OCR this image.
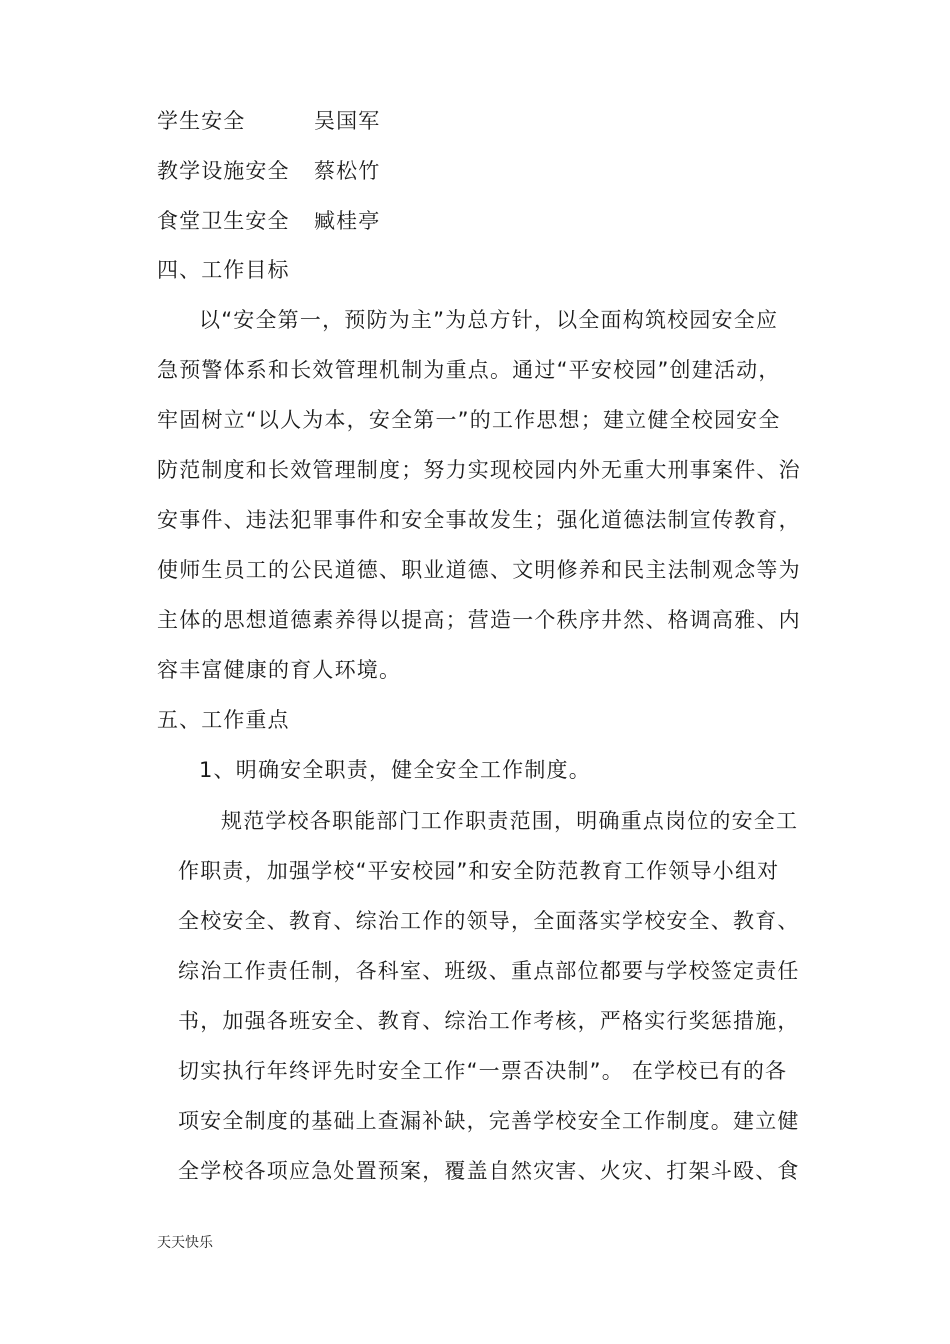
学生安全	吴国军
教学设施安全 蔡松竹
食堂卫生安全 臧桂亭
四、工作目标
以“安全第一，预防为主”为总方针，以全面构筑校园安全应
急预警体系和长效管理机制为重点。通过“平安校园”创建活动，
牢固树立“以人为本，安全第一”的工作思想；建立健全校园安全
防范制度和长效管理制度；努力实现校园内外无重大刑事案件、治
安事件、违法犯罪事件和安全事故发生；强化道德法制宣传教育，
使师生员工的公民道德、职业道德、文明修养和民主法制观念等为
主体的思想道德素养得以提高；营造一个秩序井然、格调高雅、内
容丰富健康的育人环境。
五、工作重点
1、明确安全职责，健全安全工作制度。
规范学校各职能部门工作职责范围，明确重点岗位的安全工
作职责，加强学校“平安校园”和安全防范教育工作领导小组对
全校安全、教育、综治工作的领导，全面落实学校安全、教育、
综治工作责任制，各科室、班级、重点部位都要与学校签定责任
书，加强各班安全、教育、综治工作考核，严格实行奖惩措施，
切实执行年终评先时安全工作“一票否决制”。 在学校已有的各
项安全制度的基础上查漏补缺，完善学校安全工作制度。建立健
全学校各项应急处置预案，覆盖自然灾害、火灾、打架斗殴、食
天天快乐
